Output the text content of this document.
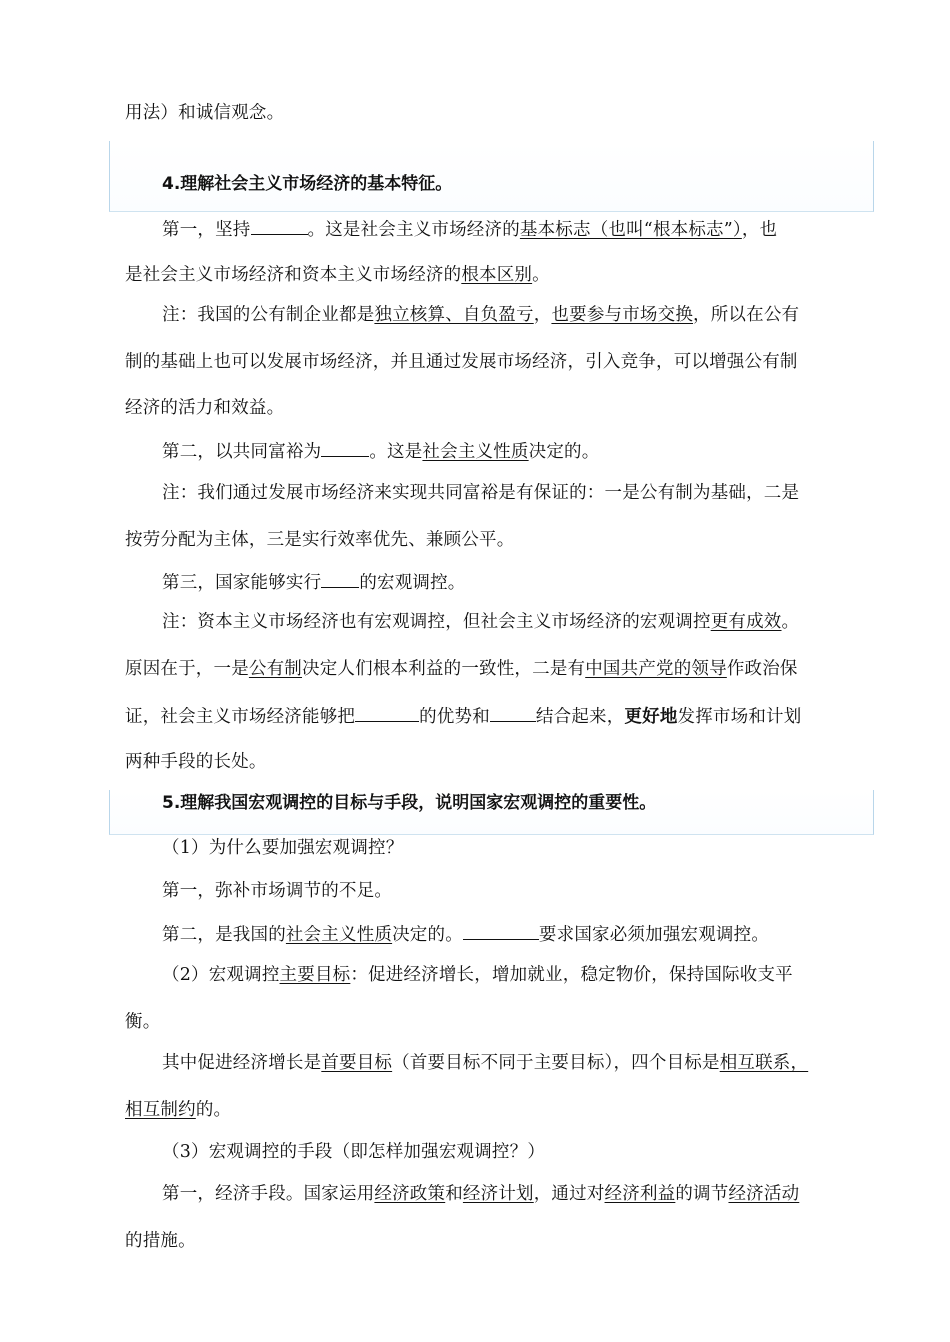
用法）和诚信观念。
4.理解社会主义市场经济的基本特征。
第一，坚持	。这是社会主义市场经济的基本标志（也叫“根本标志”），也
是社会主义市场经济和资本主义市场经济的根本区别。
注：我国的公有制企业都是独立核算、自负盈亏，也要参与市场交换，所以在公有
制的基础上也可以发展市场经济，并且通过发展市场经济，引入竞争，可以增强公有制
经济的活力和效益。
第二，以共同富裕为	。这是社会主义性质决定的。
注：我们通过发展市场经济来实现共同富裕是有保证的：一是公有制为基础，二是
按劳分配为主体，三是实行效率优先、兼顾公平。
第三，国家能够实行 的宏观调控。
注：资本主义市场经济也有宏观调控，但社会主义市场经济的宏观调控更有成效。
原因在于，一是公有制决定人们根本利益的一致性，二是有中国共产党的领导作政治保
证，社会主义市场经济能够把	的优势和	结合起来，更好地发挥市场和计划
两种手段的长处。
5.理解我国宏观调控的目标与手段，说明国家宏观调控的重要性。
（1）为什么要加强宏观调控？
第一，弥补市场调节的不足。
第二，是我国的社会主义性质决定的。	要求国家必须加强宏观调控。
（2）宏观调控主要目标：促进经济增长，增加就业，稳定物价，保持国际收支平
衡。
其中促进经济增长是首要目标（首要目标不同于主要目标），四个目标是相互联系，
相互制约的。
（3）宏观调控的手段（即怎样加强宏观调控？）
第一，经济手段。国家运用经济政策和经济计划，通过对经济利益的调节经济活动
的措施。
